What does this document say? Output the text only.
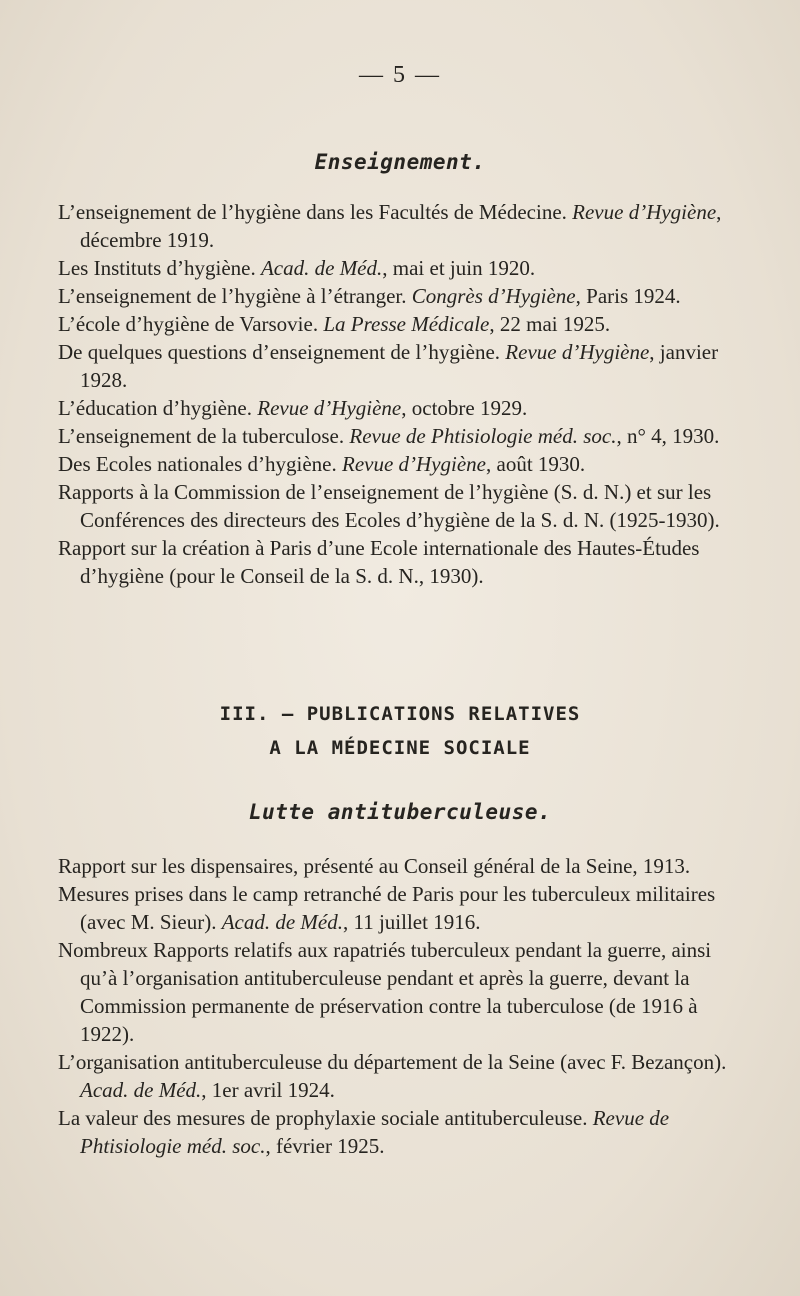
— 5 —
Enseignement.
L’enseignement de l’hygiène dans les Facultés de Médecine. Revue d’Hygiène, décembre 1919.
Les Instituts d’hygiène. Acad. de Méd., mai et juin 1920.
L’enseignement de l’hygiène à l’étranger. Congrès d’Hygiène, Paris 1924.
L’école d’hygiène de Varsovie. La Presse Médicale, 22 mai 1925.
De quelques questions d’enseignement de l’hygiène. Revue d’Hygiène, janvier 1928.
L’éducation d’hygiène. Revue d’Hygiène, octobre 1929.
L’enseignement de la tuberculose. Revue de Phtisiologie méd. soc., n° 4, 1930.
Des Ecoles nationales d’hygiène. Revue d’Hygiène, août 1930.
Rapports à la Commission de l’enseignement de l’hygiène (S. d. N.) et sur les Conférences des directeurs des Ecoles d’hygiène de la S. d. N. (1925-1930).
Rapport sur la création à Paris d’une Ecole internationale des Hautes-Études d’hygiène (pour le Conseil de la S. d. N., 1930).
III. — PUBLICATIONS RELATIVES
A LA MÉDECINE SOCIALE
Lutte antituberculeuse.
Rapport sur les dispensaires, présenté au Conseil général de la Seine, 1913.
Mesures prises dans le camp retranché de Paris pour les tuberculeux militaires (avec M. Sieur). Acad. de Méd., 11 juillet 1916.
Nombreux Rapports relatifs aux rapatriés tuberculeux pendant la guerre, ainsi qu’à l’organisation antituberculeuse pendant et après la guerre, devant la Commission permanente de préservation contre la tuberculose (de 1916 à 1922).
L’organisation antituberculeuse du département de la Seine (avec F. Bezançon). Acad. de Méd., 1er avril 1924.
La valeur des mesures de prophylaxie sociale antituberculeuse. Revue de Phtisiologie méd. soc., février 1925.
